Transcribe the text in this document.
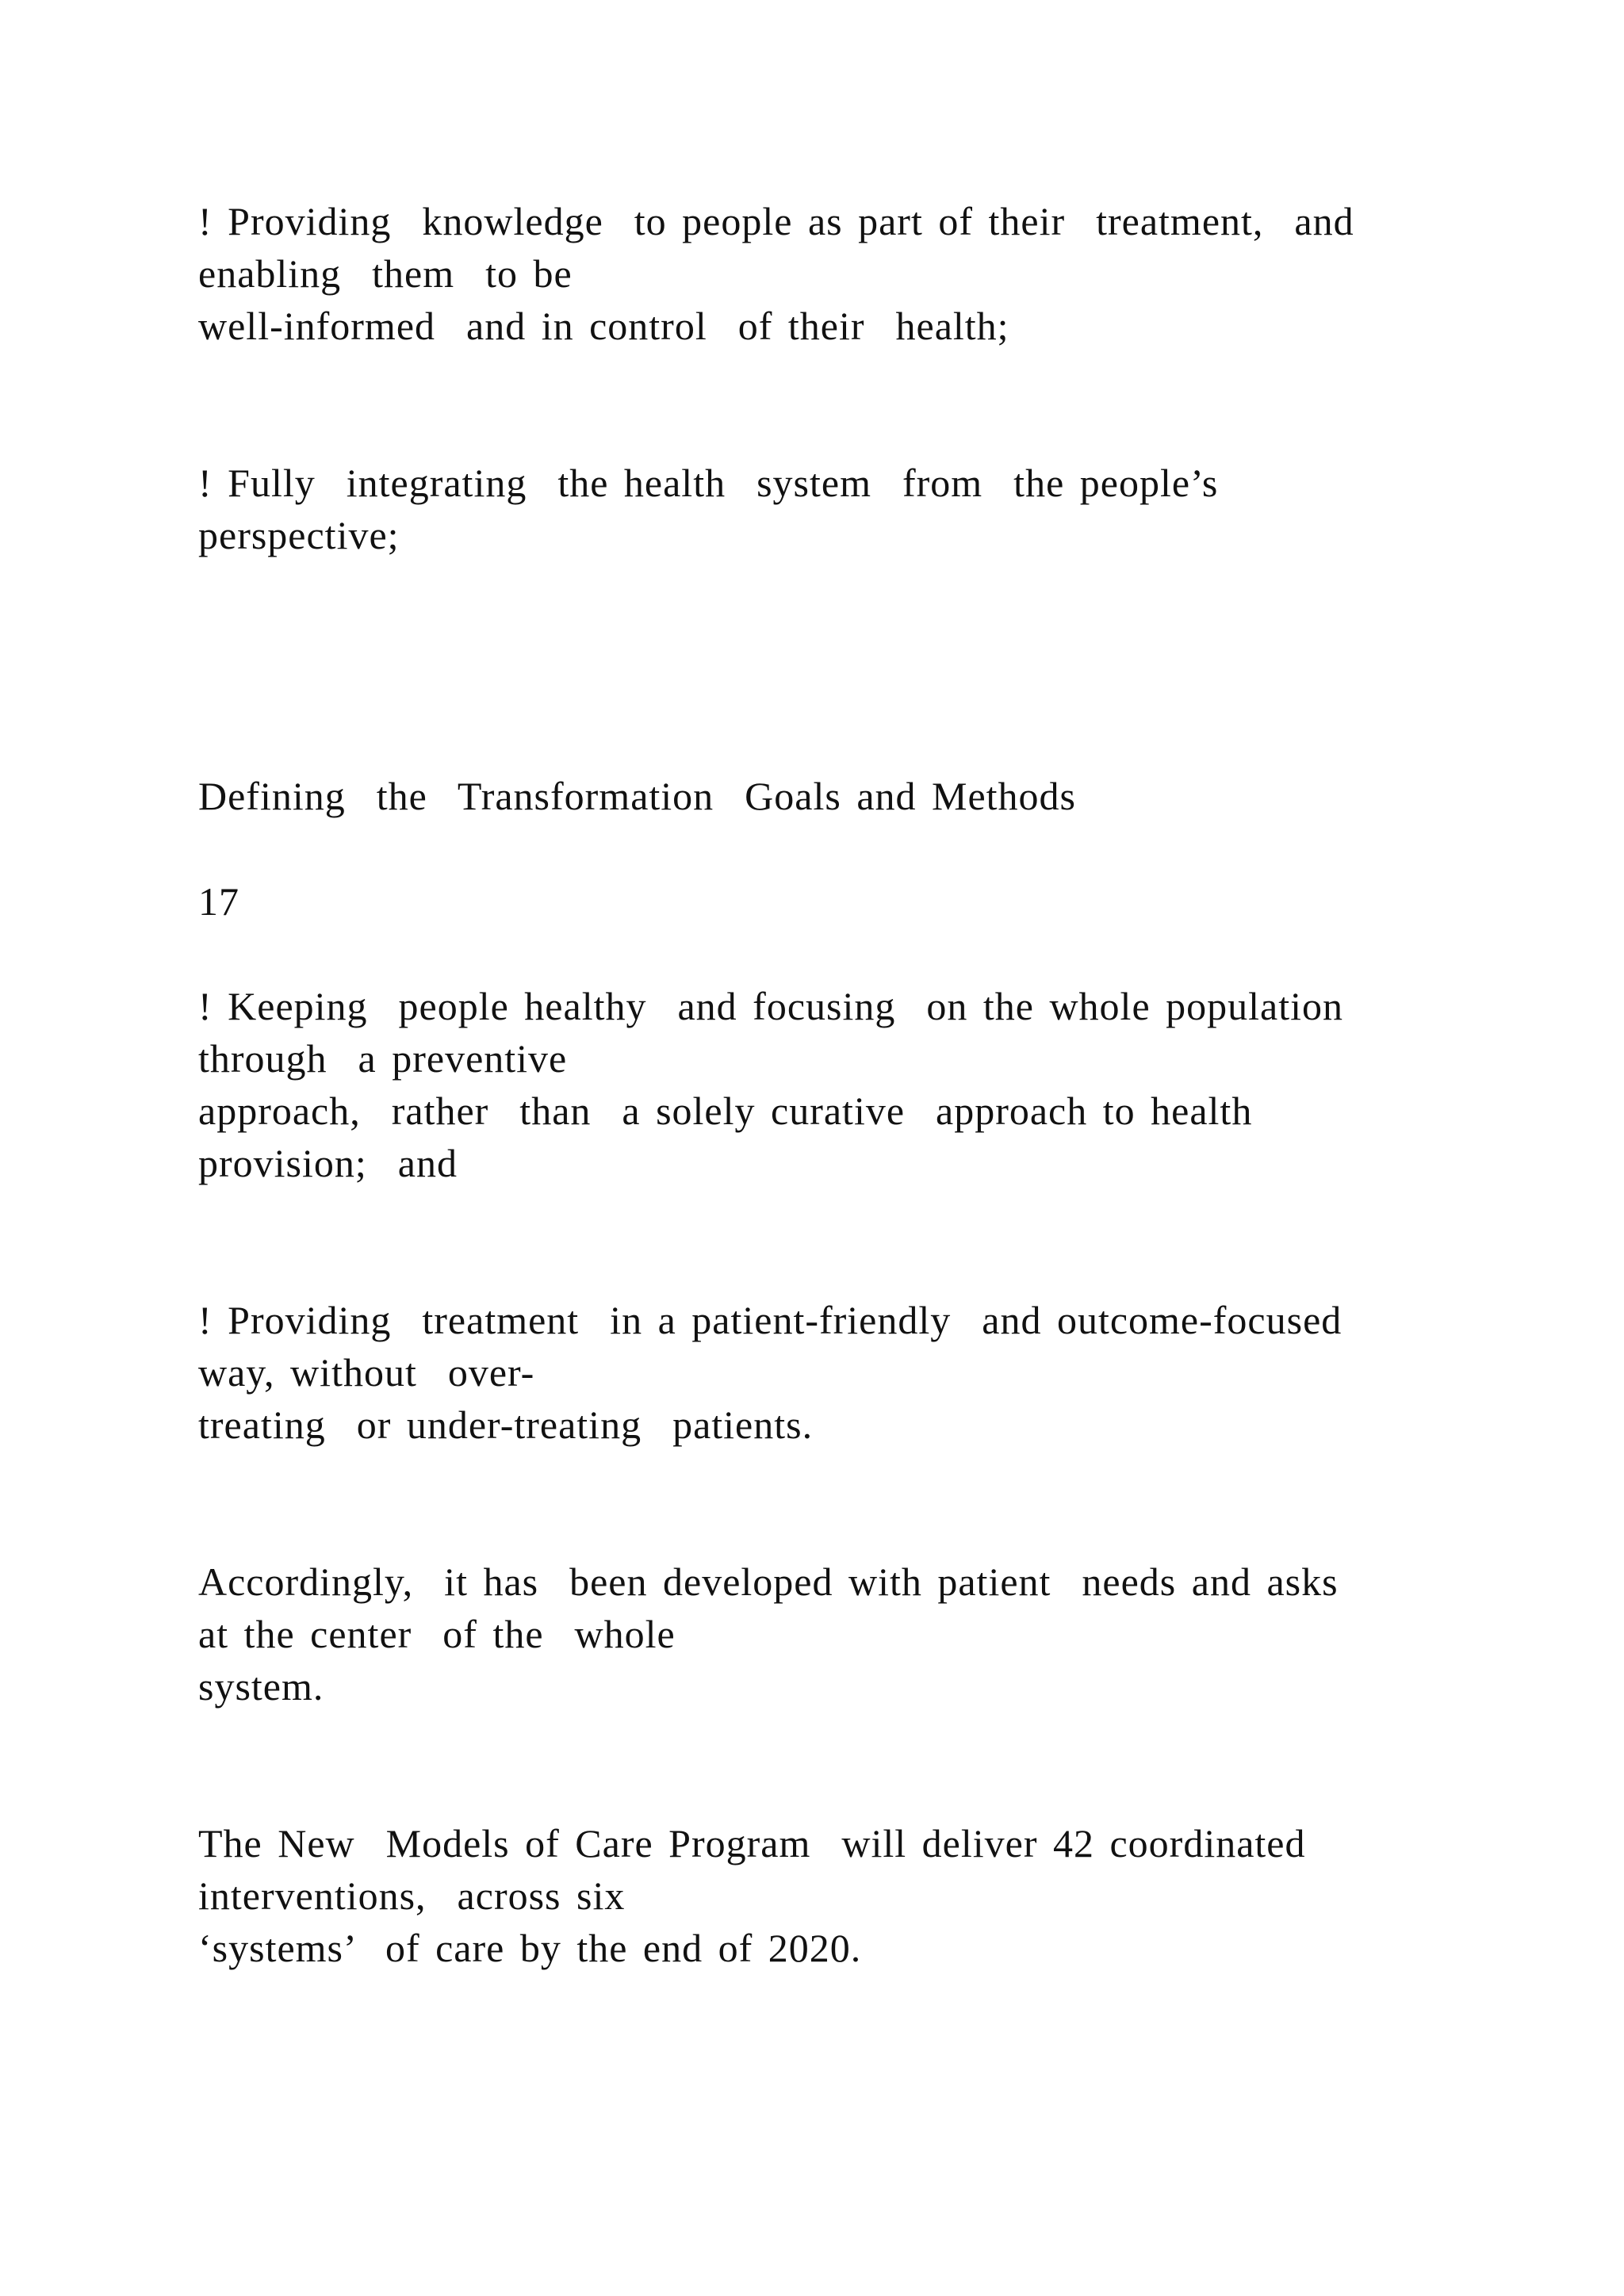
! Providing  knowledge  to people as part of their  treatment,  and
enabling  them  to be
well-informed  and in control  of their  health;
! Fully  integrating  the health  system  from  the people’s
perspective;
Defining  the  Transformation  Goals and Methods
17
! Keeping  people healthy  and focusing  on the whole population
through  a preventive
approach,  rather  than  a solely curative  approach to health
provision;  and
! Providing  treatment  in a patient-friendly  and outcome-focused
way, without  over-
treating  or under-treating  patients.
Accordingly,  it has  been developed with patient  needs and asks
at the center  of the  whole
system.
The New  Models of Care Program  will deliver 42 coordinated
interventions,  across six
‘systems’  of care by the end of 2020.
